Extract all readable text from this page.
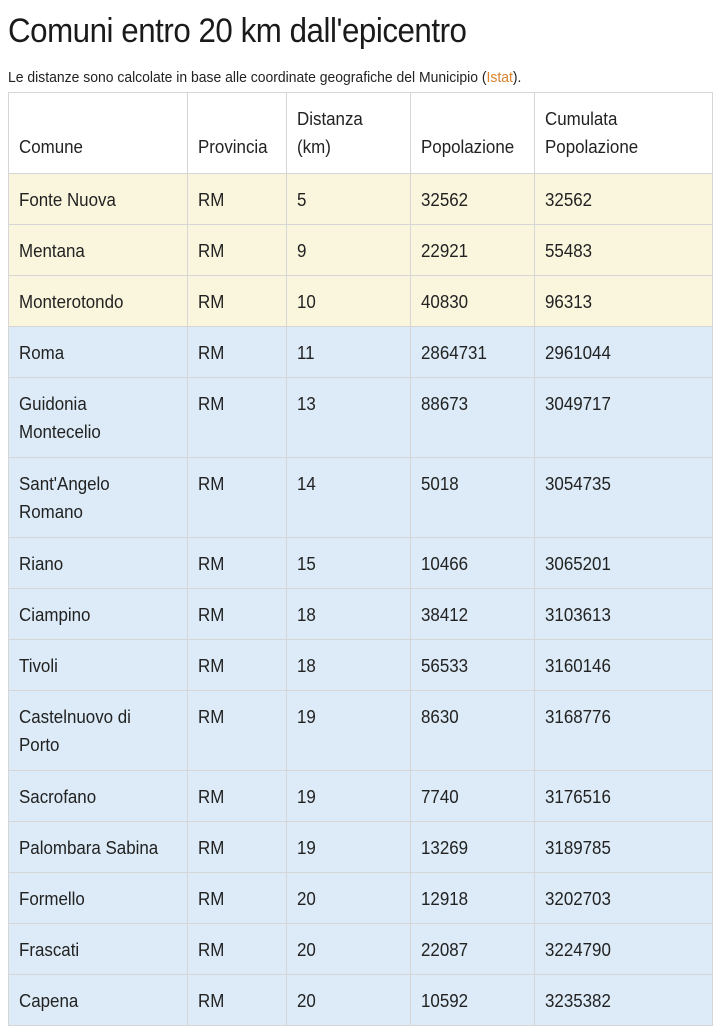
Comuni entro 20 km dall'epicentro

Le distanze sono calcolate in base alle coordinate geografiche del Municipio (Istat).

Comune	Provincia	Distanza (km)	Popolazione	Cumulata Popolazione
Fonte Nuova	RM	5	32562	32562
Mentana	RM	9	22921	55483
Monterotondo	RM	10	40830	96313
Roma	RM	11	2864731	2961044
Guidonia Montecelio	RM	13	88673	3049717
Sant'Angelo Romano	RM	14	5018	3054735
Riano	RM	15	10466	3065201
Ciampino	RM	18	38412	3103613
Tivoli	RM	18	56533	3160146
Castelnuovo di Porto	RM	19	8630	3168776
Sacrofano	RM	19	7740	3176516
Palombara Sabina	RM	19	13269	3189785
Formello	RM	20	12918	3202703
Frascati	RM	20	22087	3224790
Capena	RM	20	10592	3235382
